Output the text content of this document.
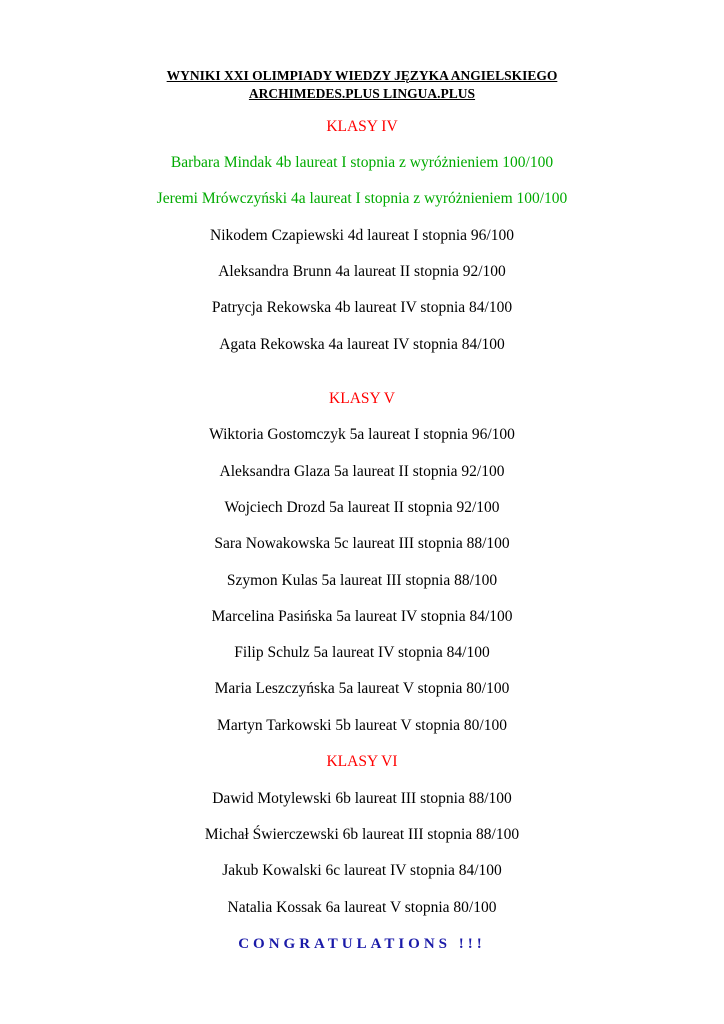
WYNIKI XXI OLIMPIADY WIEDZY JĘZYKA ANGIELSKIEGO
ARCHIMEDES.PLUS LINGUA.PLUS
KLASY IV
Barbara Mindak 4b laureat I stopnia z wyróżnieniem 100/100
Jeremi Mrówczyński 4a laureat I stopnia z wyróżnieniem 100/100
Nikodem Czapiewski 4d laureat I stopnia 96/100
Aleksandra Brunn 4a laureat II stopnia 92/100
Patrycja Rekowska 4b laureat IV stopnia 84/100
Agata Rekowska 4a laureat IV stopnia 84/100
KLASY V
Wiktoria Gostomczyk 5a laureat I stopnia 96/100
Aleksandra Glaza 5a laureat II stopnia 92/100
Wojciech Drozd 5a laureat II stopnia 92/100
Sara Nowakowska 5c laureat III stopnia 88/100
Szymon Kulas 5a laureat III stopnia 88/100
Marcelina Pasińska 5a laureat IV stopnia 84/100
Filip Schulz 5a laureat IV stopnia 84/100
Maria Leszczyńska 5a laureat V stopnia 80/100
Martyn Tarkowski 5b laureat V stopnia 80/100
KLASY VI
Dawid Motylewski 6b laureat III stopnia 88/100
Michał Świerczewski 6b laureat III stopnia 88/100
Jakub Kowalski 6c laureat IV stopnia 84/100
Natalia Kossak 6a laureat V stopnia 80/100
CONGRATULATIONS !!!
